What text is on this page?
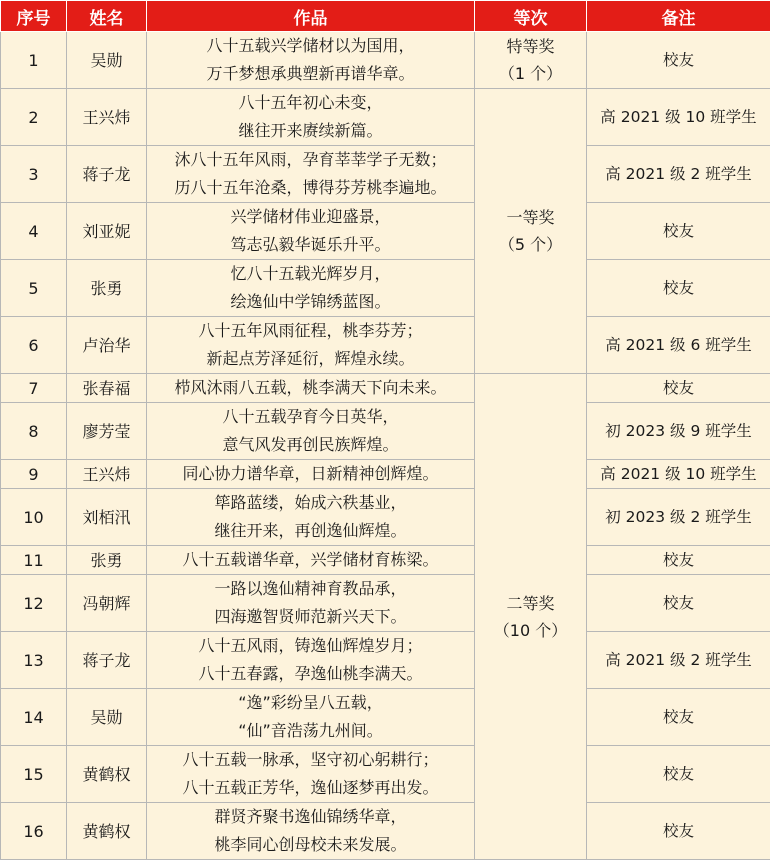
序号	姓名	作品	等次	备注
1	吴勋	八十五载兴学储材以为国用，
万千梦想承典塑新再谱华章。	特等奖
（1 个）	校友
2	王兴炜	八十五年初心未变，
继往开来赓续新篇。	一等奖
（5 个）	高 2021 级 10 班学生
3	蒋子龙	沐八十五年风雨，孕育莘莘学子无数；
历八十五年沧桑，博得芬芳桃李遍地。		高 2021 级 2 班学生
4	刘亚妮	兴学储材伟业迎盛景，
笃志弘毅华诞乐升平。		校友
5	张勇	忆八十五载光辉岁月，
绘逸仙中学锦绣蓝图。		校友
6	卢治华	八十五年风雨征程，桃李芬芳；
新起点芳泽延衍，辉煌永续。		高 2021 级 6 班学生
7	张春福	栉风沐雨八五载，桃李满天下向未来。	二等奖
（10 个）	校友
8	廖芳莹	八十五载孕育今日英华，
意气风发再创民族辉煌。		初 2023 级 9 班学生
9	王兴炜	同心协力谱华章，日新精神创辉煌。		高 2021 级 10 班学生
10	刘栢汛	筚路蓝缕，始成六秩基业，
继往开来，再创逸仙辉煌。		初 2023 级 2 班学生
11	张勇	八十五载谱华章，兴学储材育栋梁。		校友
12	冯朝辉	一路以逸仙精神育教品承，
四海邀智贤师范新兴天下。		校友
13	蒋子龙	八十五风雨，铸逸仙辉煌岁月；
八十五春露，孕逸仙桃李满天。		高 2021 级 2 班学生
14	吴勋	“逸”彩纷呈八五载，
“仙”音浩荡九州间。		校友
15	黄鹤权	八十五载一脉承，坚守初心躬耕行；
八十五载正芳华，逸仙逐梦再出发。		校友
16	黄鹤权	群贤齐聚书逸仙锦绣华章，
桃李同心创母校未来发展。		校友
